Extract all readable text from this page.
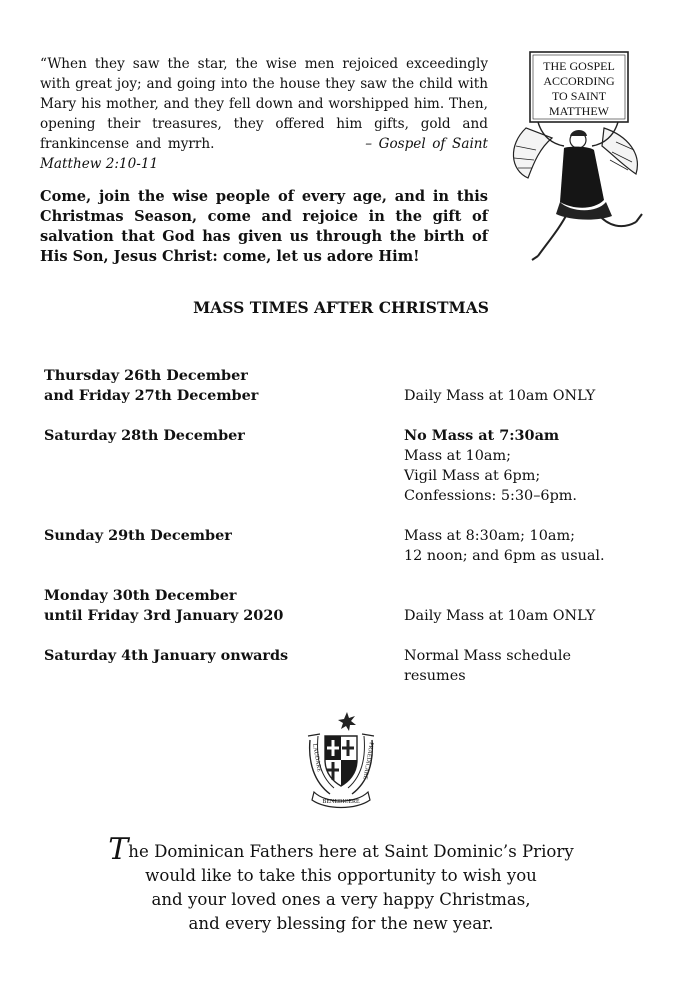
“When they saw the star, the wise men rejoiced exceedingly with great joy; and going into the house they saw the child with Mary his mother, and they fell down and worshipped him. Then, opening their treasures, they offered him gifts, gold and frankincense and myrrh.	– Gospel of Saint Matthew 2:10-11

Come, join the wise people of every age, and in this Christmas Season, come and rejoice in the gift of salvation that God has given us through the birth of His Son, Jesus Christ: come, let us adore Him!

THE GOSPEL
ACCORDING
TO SAINT
MATTHEW
MASS TIMES AFTER CHRISTMAS
Thursday 26th December
and Friday 27th December
	Daily Mass at 10am ONLY
Saturday 28th December	No Mass at 7:30am
Mass at 10am;
Vigil Mass at 6pm;
Confessions: 5:30–6pm.
Sunday 29th December	Mass at 8:30am; 10am;
12 noon; and 6pm as usual.
Monday 30th December
until Friday 3rd January 2020
	Daily Mass at 10am ONLY
Saturday 4th January onwards	Normal Mass schedule
resumes
LAUDARE
BENEDICERE
PRAEDICARE
The Dominican Fathers here at Saint Dominic’s Priory
would like to take this opportunity to wish you
and your loved ones a very happy Christmas,
and every blessing for the new year.
